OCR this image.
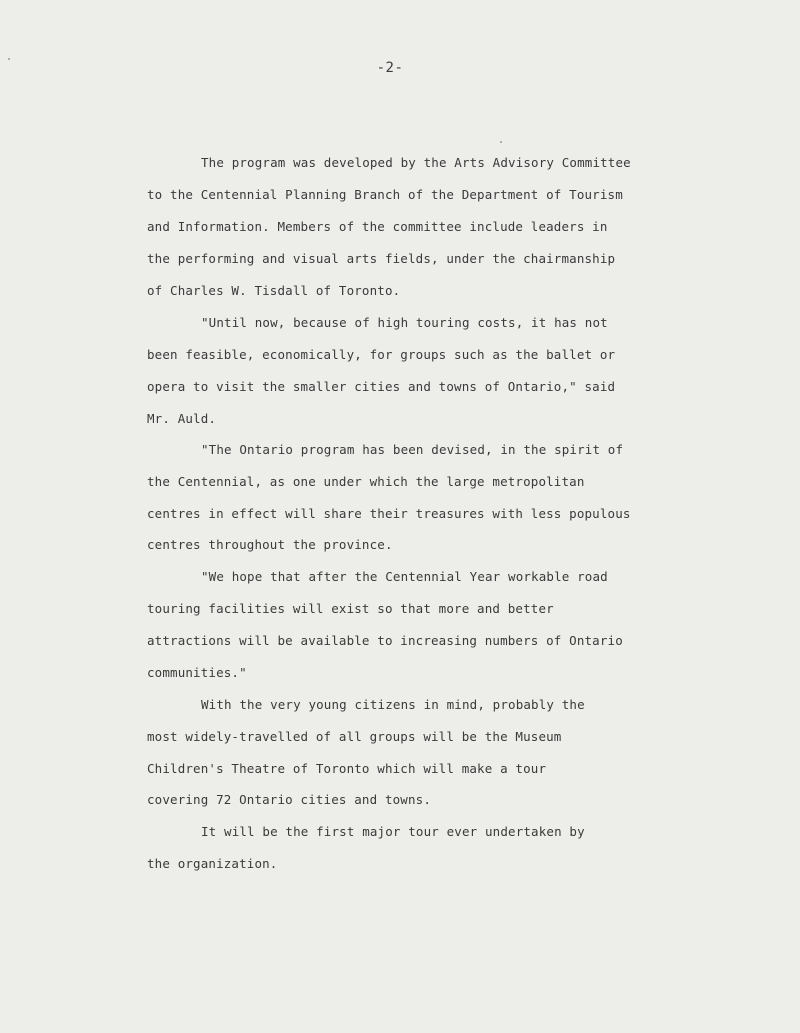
-2-
The program was developed by the Arts Advisory Committee
to the Centennial Planning Branch of the Department of Tourism
and Information. Members of the committee include leaders in
the performing and visual arts fields, under the chairmanship
of Charles W. Tisdall of Toronto.
"Until now, because of high touring costs, it has not
been feasible, economically, for groups such as the ballet or
opera to visit the smaller cities and towns of Ontario," said
Mr. Auld.
"The Ontario program has been devised, in the spirit of
the Centennial, as one under which the large metropolitan
centres in effect will share their treasures with less populous
centres throughout the province.
"We hope that after the Centennial Year workable road
touring facilities will exist so that more and better
attractions will be available to increasing numbers of Ontario
communities."
With the very young citizens in mind, probably the
most widely-travelled of all groups will be the Museum
Children's Theatre of Toronto which will make a tour
covering 72 Ontario cities and towns.
It will be the first major tour ever undertaken by
the organization.
